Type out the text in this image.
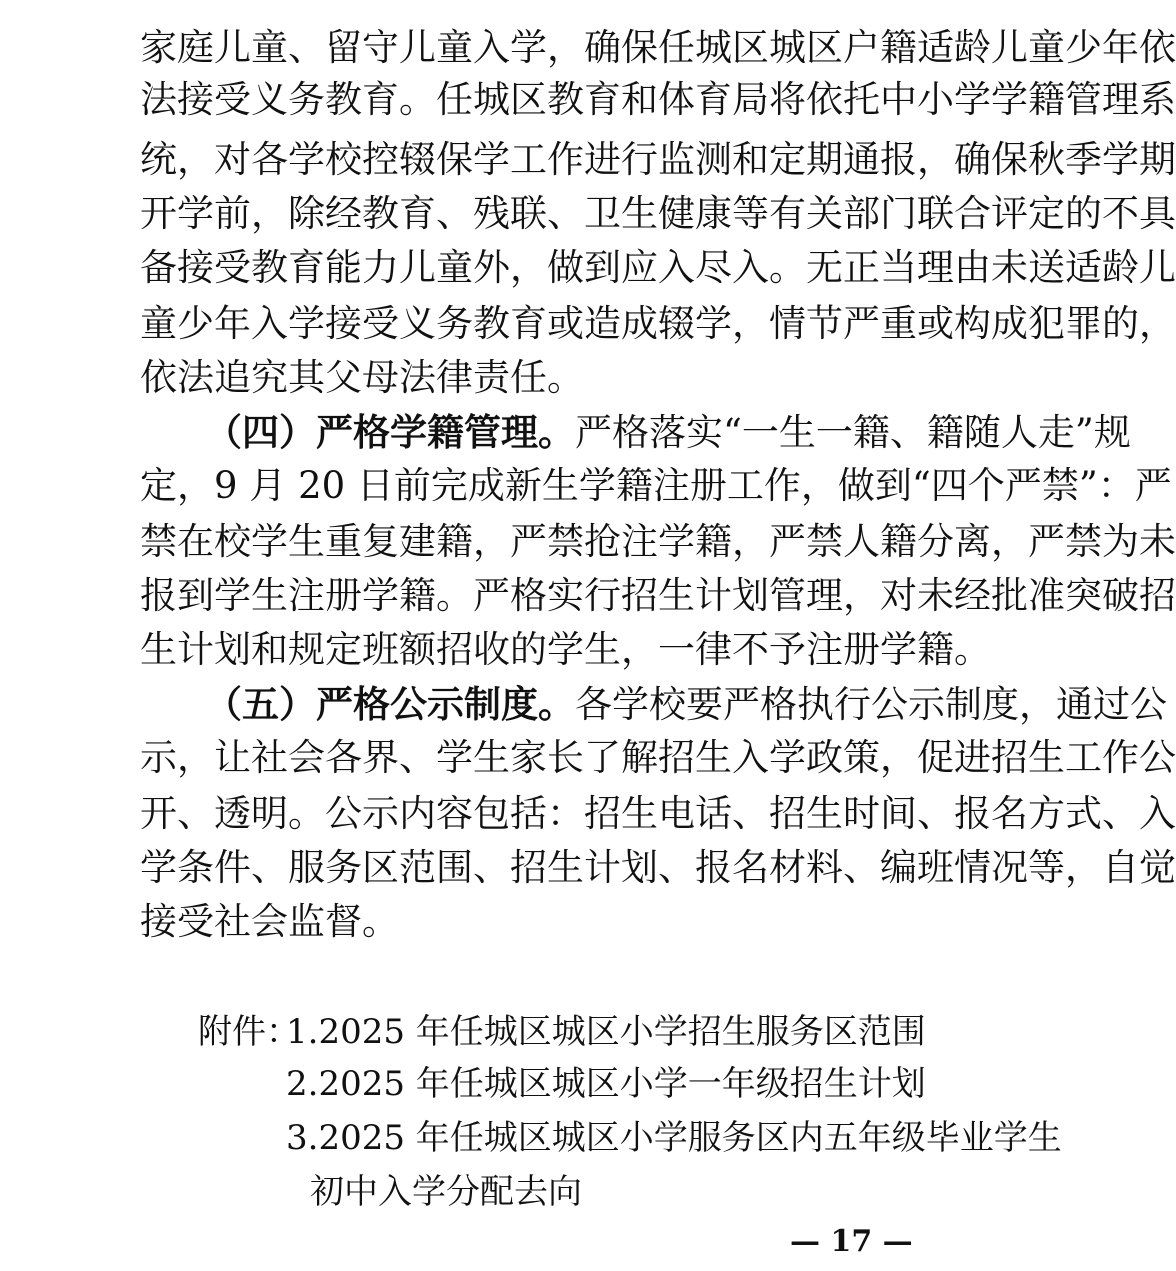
家庭儿童、留守儿童入学，确保任城区城区户籍适龄儿童少年依
法接受义务教育。任城区教育和体育局将依托中小学学籍管理系
统，对各学校控辍保学工作进行监测和定期通报，确保秋季学期
开学前，除经教育、残联、卫生健康等有关部门联合评定的不具
备接受教育能力儿童外，做到应入尽入。无正当理由未送适龄儿
童少年入学接受义务教育或造成辍学，情节严重或构成犯罪的，
依法追究其父母法律责任。
（四）严格学籍管理。严格落实“一生一籍、籍随人走”规
定，9 月 20 日前完成新生学籍注册工作，做到“四个严禁”：严
禁在校学生重复建籍，严禁抢注学籍，严禁人籍分离，严禁为未
报到学生注册学籍。严格实行招生计划管理，对未经批准突破招
生计划和规定班额招收的学生，一律不予注册学籍。
（五）严格公示制度。各学校要严格执行公示制度，通过公
示，让社会各界、学生家长了解招生入学政策，促进招生工作公
开、透明。公示内容包括：招生电话、招生时间、报名方式、入
学条件、服务区范围、招生计划、报名材料、编班情况等，自觉
接受社会监督。
附件：
1.2025 年任城区城区小学招生服务区范围
2.2025 年任城区城区小学一年级招生计划
3.2025 年任城区城区小学服务区内五年级毕业学生
初中入学分配去向
— 17 —
